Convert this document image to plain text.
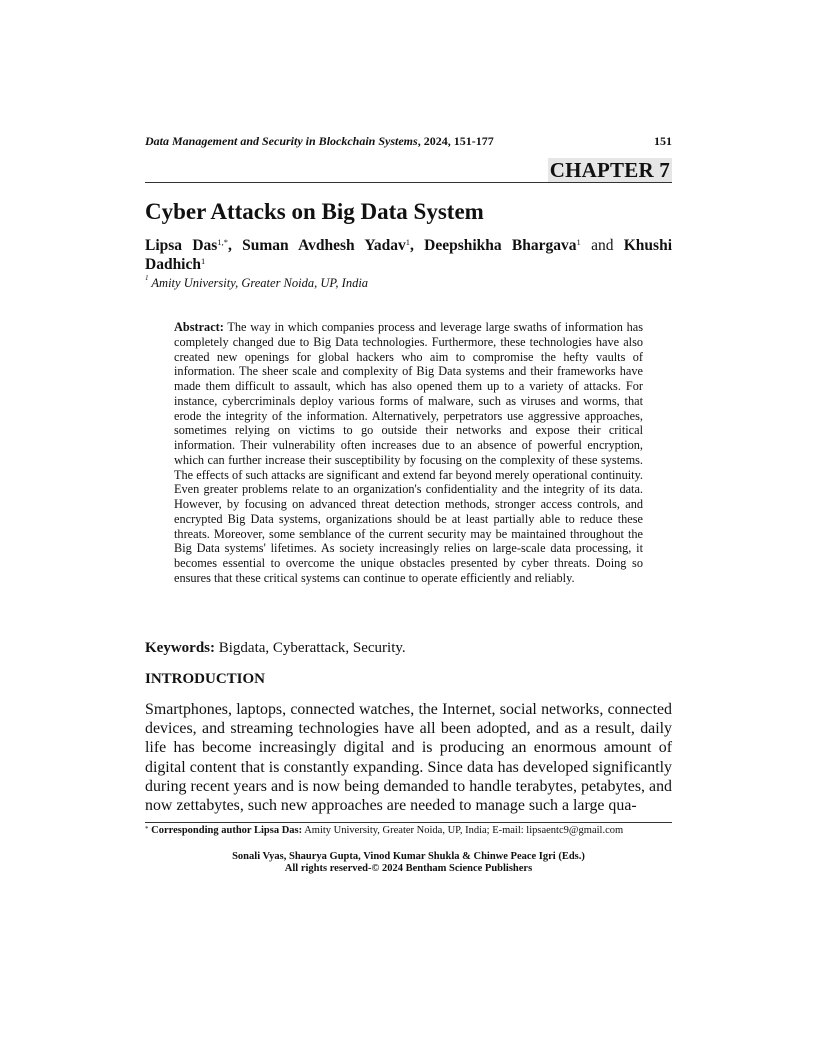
Data Management and Security in Blockchain Systems, 2024, 151-177	151
CHAPTER 7
Cyber Attacks on Big Data System
Lipsa Das$^{1,*}$, Suman Avdhesh Yadav$^1$, Deepshikha Bhargava$^1$ and Khushi Dadhich$^1$
$^1$ Amity University, Greater Noida, UP, India
Abstract: The way in which companies process and leverage large swaths of information has completely changed due to Big Data technologies. Furthermore, these technologies have also created new openings for global hackers who aim to compromise the hefty vaults of information. The sheer scale and complexity of Big Data systems and their frameworks have made them difficult to assault, which has also opened them up to a variety of attacks. For instance, cybercriminals deploy various forms of malware, such as viruses and worms, that erode the integrity of the information. Alternatively, perpetrators use aggressive approaches, sometimes relying on victims to go outside their networks and expose their critical information. Their vulnerability often increases due to an absence of powerful encryption, which can further increase their susceptibility by focusing on the complexity of these systems. The effects of such attacks are significant and extend far beyond merely operational continuity. Even greater problems relate to an organization's confidentiality and the integrity of its data. However, by focusing on advanced threat detection methods, stronger access controls, and encrypted Big Data systems, organizations should be at least partially able to reduce these threats. Moreover, some semblance of the current security may be maintained throughout the Big Data systems' lifetimes. As society increasingly relies on large-scale data processing, it becomes essential to overcome the unique obstacles presented by cyber threats. Doing so ensures that these critical systems can continue to operate efficiently and reliably.
Keywords: Bigdata, Cyberattack, Security.
INTRODUCTION
Smartphones, laptops, connected watches, the Internet, social networks, connected devices, and streaming technologies have all been adopted, and as a result, daily life has become increasingly digital and is producing an enormous amount of digital content that is constantly expanding. Since data has developed significantly during recent years and is now being demanded to handle terabytes, petabytes, and now zettabytes, such new approaches are needed to manage such a large qua-
* Corresponding author Lipsa Das: Amity University, Greater Noida, UP, India; E-mail: lipsaentc9@gmail.com
Sonali Vyas, Shaurya Gupta, Vinod Kumar Shukla & Chinwe Peace Igri (Eds.)
All rights reserved-© 2024 Bentham Science Publishers
